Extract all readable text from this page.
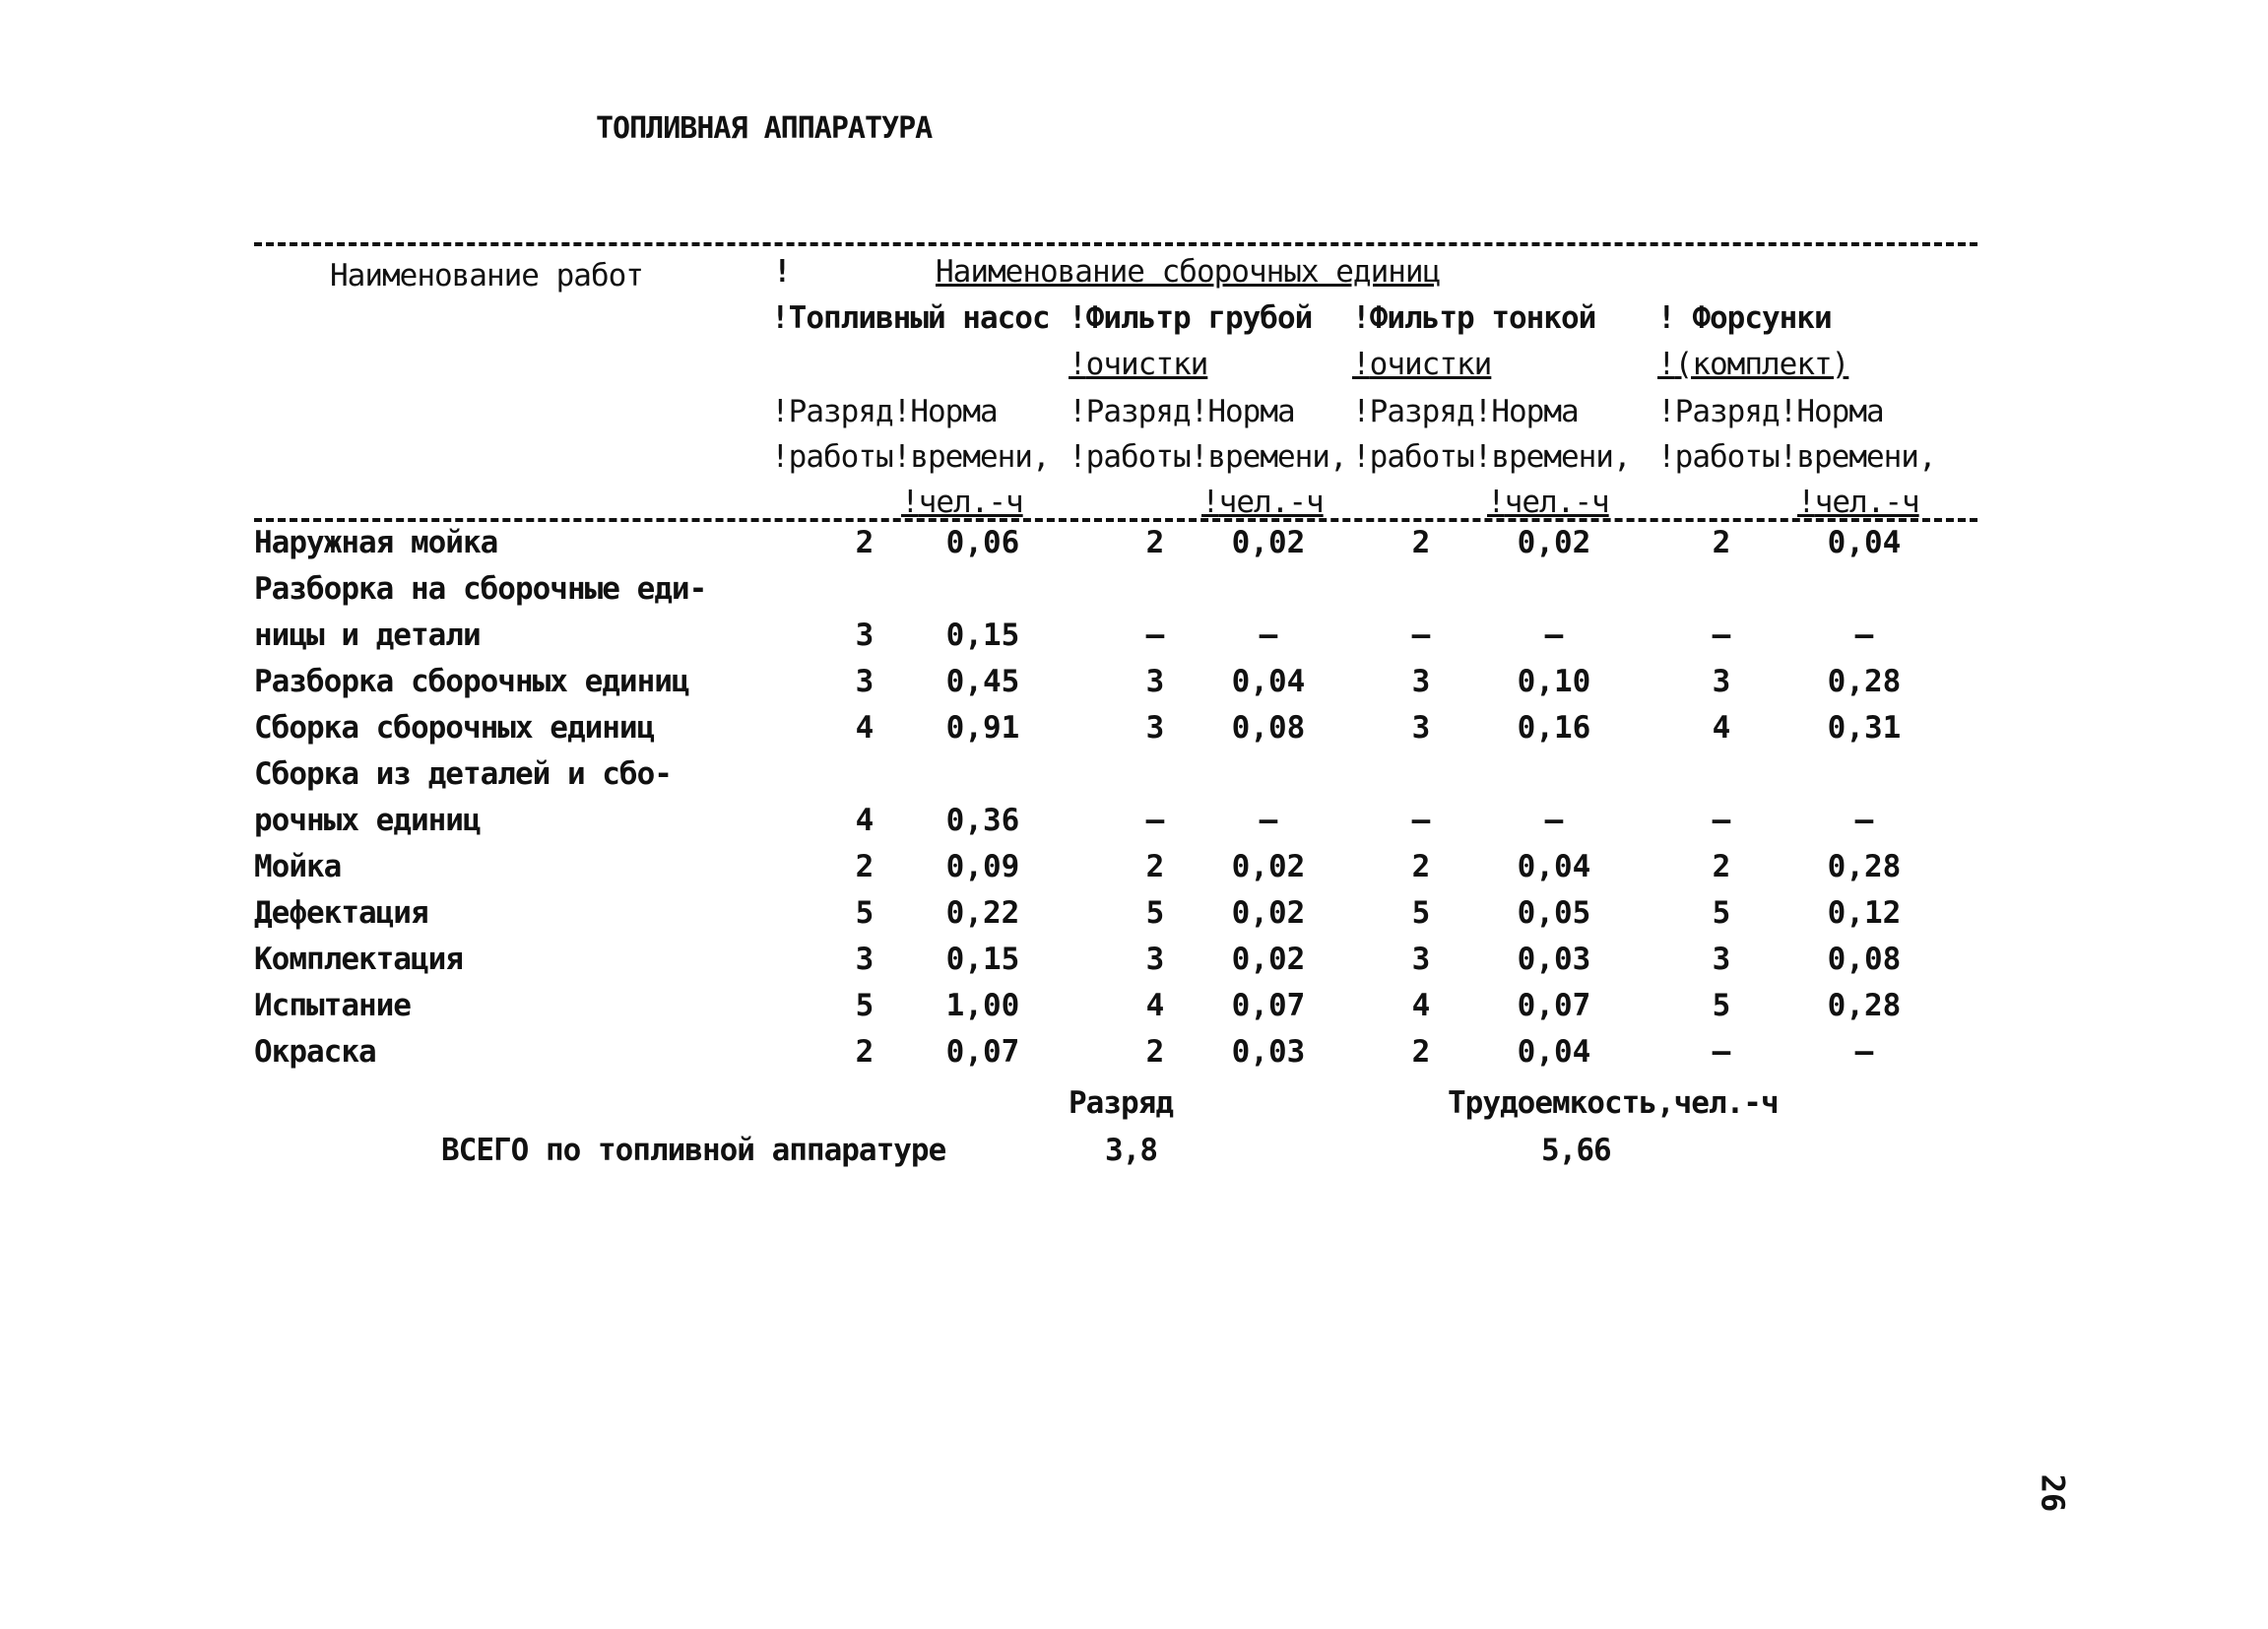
ТОПЛИВНАЯ АППАРАТУРА
Наименование работ	!	Наименование сборочных единиц
!Топливный насос !Фильтр грубой !Фильтр тонкой ! Форсунки
!очистки	!очистки	!(комплект)
!Разряд!Норма !Разряд!Норма !Разряд!Норма	!Разряд!Норма
!работы!времени, !работы!времени, !работы!времени, !работы!времени,
!чел.-ч	!чел.-ч	!чел.-ч	!чел.-ч
Наружная мойка	2	0,06	2	0,02	2	0,02	2	0,04
Разборка на сборочные еди-
ницы и детали	3	0,15	–	–	–	–	–	–
Разборка сборочных единиц	3	0,45	3	0,04	3	0,10	3	0,28
Сборка сборочных единиц	4	0,91	3	0,08	3	0,16	4	0,31
Сборка из деталей и сбо-
рочных единиц	4	0,36	–	–	–	–	–	–
Мойка	2	0,09	2	0,02	2	0,04	2	0,28
Дефектация	5	0,22	5	0,02	5	0,05	5	0,12
Комплектация	3	0,15	3	0,02	3	0,03	3	0,08
Испытание	5	1,00	4	0,07	4	0,07	5	0,28
Окраска	2	0,07	2	0,03	2	0,04	–	–
Разряд	Трудоемкость,чел.-ч
ВСЕГО по топливной аппаратуре	3,8	5,66
26
